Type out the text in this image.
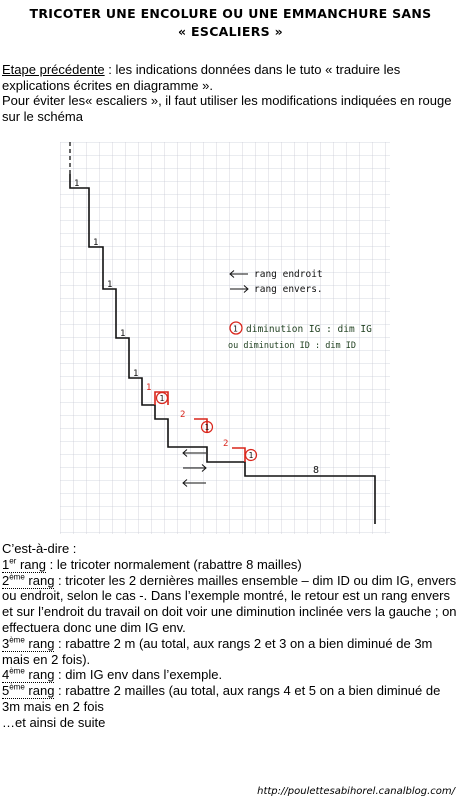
TRICOTER UNE ENCOLURE OU UNE EMMANCHURE SANS
« ESCALIERS »
Etape précédente : les indications données dans le tuto « traduire les explications écrites en diagramme ».
Pour éviter les« escaliers », il faut utiliser les modifications indiquées en rouge sur le schéma
1
1
1
1
1
8
1
2
2
1
1
1
rang endroit
rang envers.
1 diminution IG : dim IG
ou diminution ID : dim ID
C’est-à-dire :
1er rang : le tricoter normalement (rabattre 8 mailles)
2ème rang : tricoter les 2 dernières mailles ensemble – dim ID ou dim IG, envers ou endroit, selon le cas -. Dans l’exemple montré, le retour est un rang envers et sur l’endroit du travail on doit voir une diminution inclinée vers la gauche ; on effectuera donc une dim IG env.
3ème rang : rabattre 2 m (au total, aux rangs 2 et 3 on a bien diminué de 3m mais en 2 fois).
4ème rang : dim IG env dans l’exemple.
5ème rang : rabattre 2 mailles (au total, aux rangs 4 et 5 on a bien diminué de 3m mais en 2 fois
…et ainsi de suite
http://poulettesabihorel.canalblog.com/
